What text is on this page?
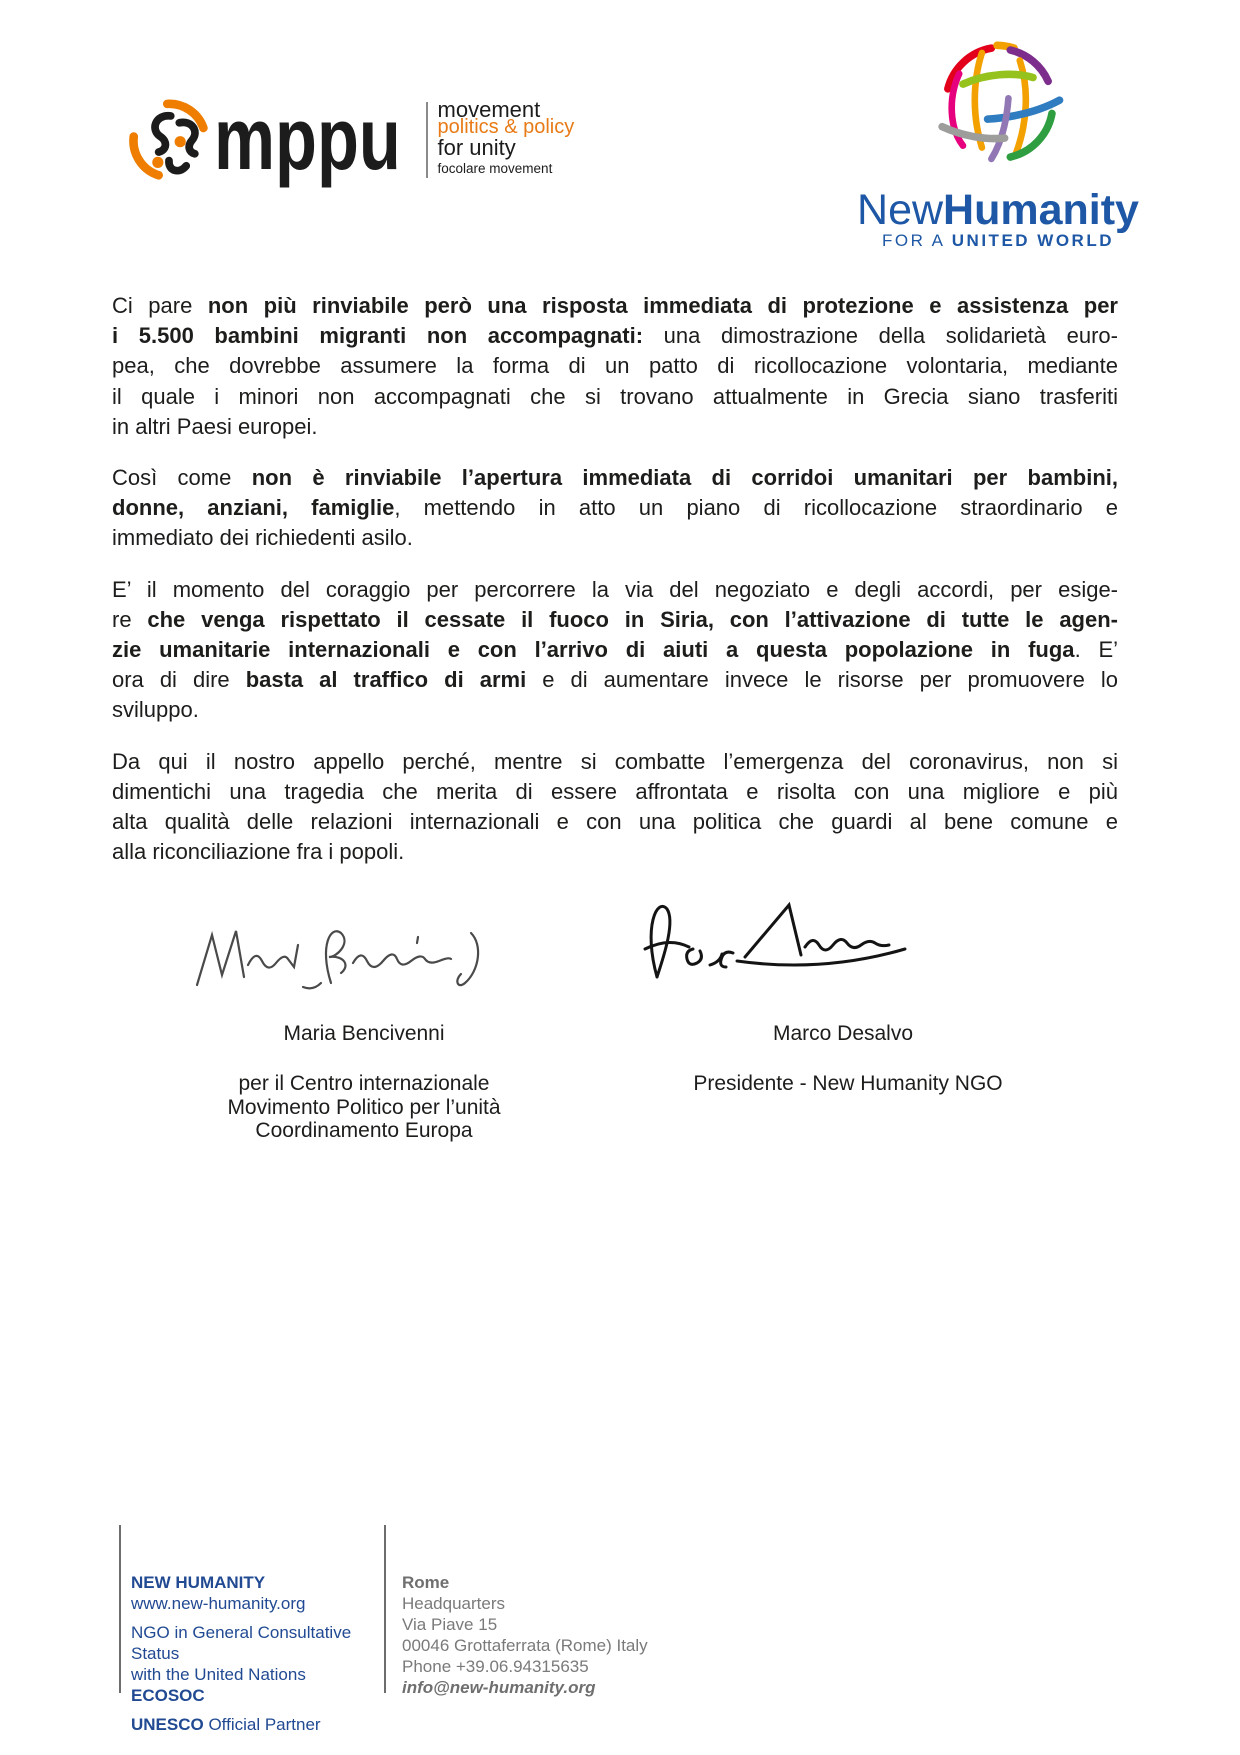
mppu movement
politics & policy
for unity
focolare movement
NewHumanity
FOR A UNITED WORLD
Ci pare non più rinviabile però una risposta immediata di protezione e assistenza per
i 5.500 bambini migranti non accompagnati: una dimostrazione della solidarietà euro-
pea, che dovrebbe assumere la forma di un patto di ricollocazione volontaria, mediante
il quale i minori non accompagnati che si trovano attualmente in Grecia siano trasferiti
in altri Paesi europei.
Così come non è rinviabile l’apertura immediata di corridoi umanitari per bambini,
donne, anziani, famiglie, mettendo in atto un piano di ricollocazione straordinario e
immediato dei richiedenti asilo.
E’ il momento del coraggio per percorrere la via del negoziato e degli accordi, per esige-
re che venga rispettato il cessate il fuoco in Siria, con l’attivazione di tutte le agen-
zie umanitarie internazionali e con l’arrivo di aiuti a questa popolazione in fuga. E’
ora di dire basta al traffico di armi e di aumentare invece le risorse per promuovere lo
sviluppo.
Da qui il nostro appello perché, mentre si combatte l’emergenza del coronavirus, non si
dimentichi una tragedia che merita di essere affrontata e risolta con una migliore e più
alta qualità delle relazioni internazionali e con una politica che guardi al bene comune e
alla riconciliazione fra i popoli.
Maria Bencivenni
per il Centro internazionale
Movimento Politico per l’unità
Coordinamento Europa
Marco Desalvo
Presidente - New Humanity NGO
NEW HUMANITY
www.new-humanity.org
NGO in General Consultative Status
with the United Nations ECOSOC
UNESCO Official Partner
Rome
Headquarters
Via Piave 15
00046 Grottaferrata (Rome) Italy
Phone +39.06.94315635
info@new-humanity.org
